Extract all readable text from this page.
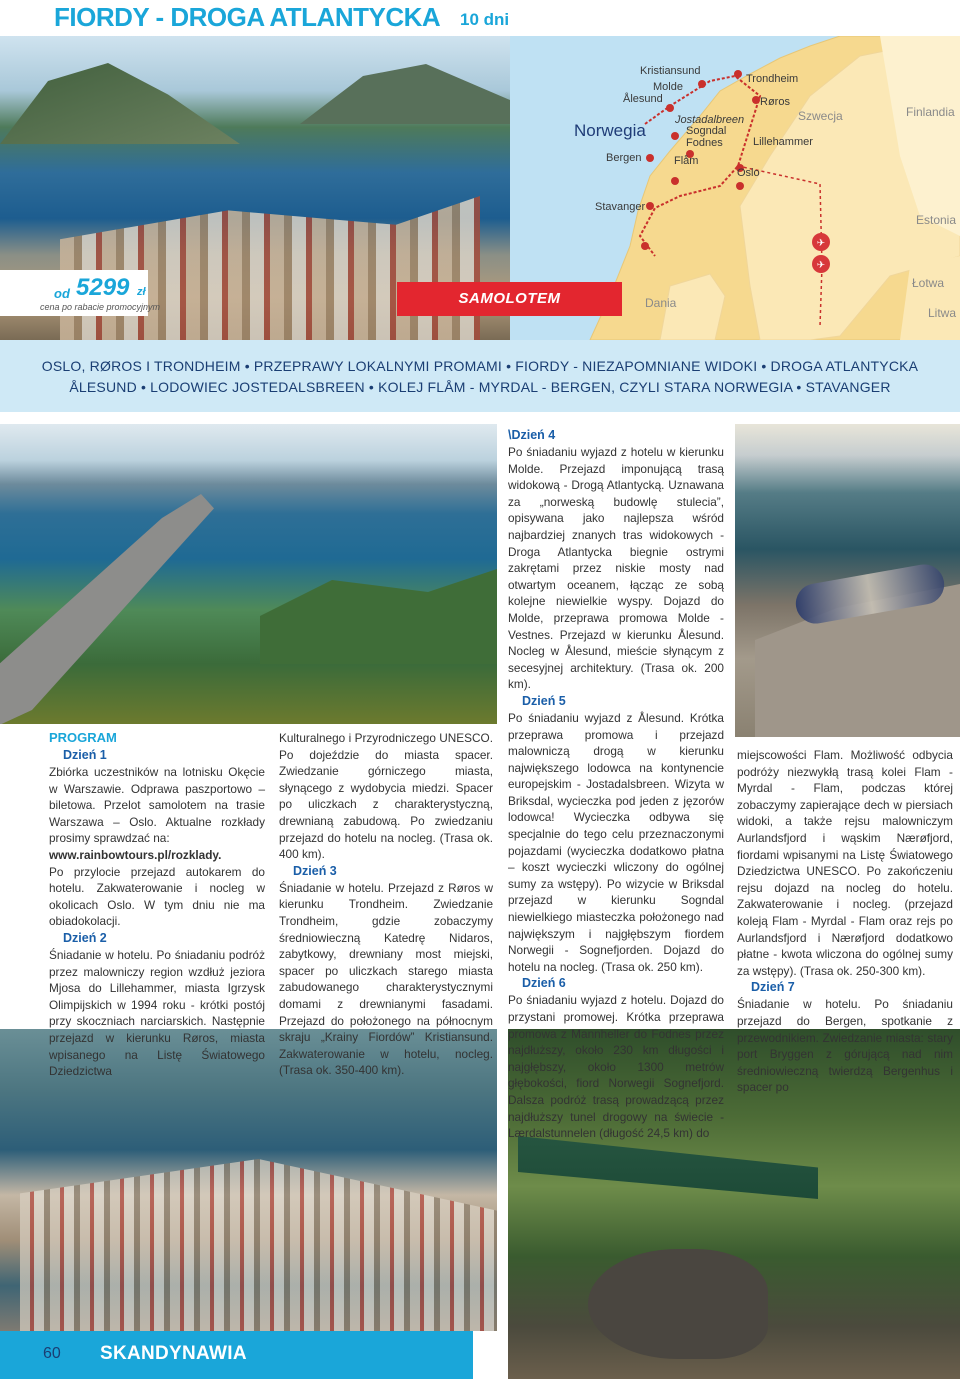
FIORDY - DROGA ATLANTYCKA 10 dni
✈
✈
Kristiansund
Molde
Ålesund
Trondheim
Røros
Jostadalbreen
Sogndal
Fodnes
Bergen	Flåm
Lillehammer
Oslo
Stavanger
Norwegia
Szwecja	Finlandia
Estonia
Łotwa
Litwa
Dania
od 5299 zł
cena po rabacie promocyjnym	SAMOLOTEM
OSLO, RØROS I TRONDHEIM • PRZEPRAWY LOKALNYMI PROMAMI • FIORDY - NIEZAPOMNIANE WIDOKI • DROGA ATLANTYCKA
ÅLESUND • LODOWIEC JOSTEDALSBREEN • KOLEJ FLÅM - MYRDAL - BERGEN, CZYLI STARA NORWEGIA • STAVANGER
PROGRAM
Dzień 1
Zbiórka uczestników na lotnisku Okęcie w Warszawie. Odprawa paszportowo – biletowa. Przelot samolotem na trasie Warszawa – Oslo. Aktualne rozkłady prosimy sprawdzać na:
www.rainbowtours.pl/rozklady.
Po przylocie przejazd autokarem do hotelu. Zakwaterowanie i nocleg w okolicach Oslo. W tym dniu nie ma obiadokolacji.
Dzień 2
Śniadanie w hotelu. Po śniadaniu podróż przez malowniczy region wzdłuż jeziora Mjosa do Lillehammer, miasta Igrzysk Olimpijskich w 1994 roku - krótki postój przy skoczniach narciarskich. Następnie przejazd w kierunku Røros, miasta wpisanego na Listę Światowego Dziedzictwa
Kulturalnego i Przyrodniczego UNESCO. Po dojeździe do miasta spacer. Zwiedzanie górniczego miasta, słynącego z wydobycia miedzi. Spacer po uliczkach z charakterystyczną, drewnianą zabudową. Po zwiedzaniu przejazd do hotelu na nocleg. (Trasa ok. 400 km).
Dzień 3
Śniadanie w hotelu. Przejazd z Røros w kierunku Trondheim. Zwiedzanie Trondheim, gdzie zobaczymy średniowieczną Katedrę Nidaros, zabytkowy, drewniany most miejski, spacer po uliczkach starego miasta zabudowanego charakterystycznymi domami z drewnianymi fasadami. Przejazd do położonego na północnym skraju „Krainy Fiordów” Kristiansund. Zakwaterowanie w hotelu, nocleg. (Trasa ok. 350-400 km).
\Dzień 4
Po śniadaniu wyjazd z hotelu w kierunku Molde. Przejazd imponującą trasą widokową - Drogą Atlantycką. Uznawana za „norweską budowlę stulecia”, opisywana jako najlepsza wśród najbardziej znanych tras widokowych - Droga Atlantycka biegnie ostrymi zakrętami przez niskie mosty nad otwartym oceanem, łącząc ze sobą kolejne niewielkie wyspy. Dojazd do Molde, przeprawa promowa Molde - Vestnes. Przejazd w kierunku Ålesund. Nocleg w Ålesund, mieście słynącym z secesyjnej architektury. (Trasa ok. 200 km).
Dzień 5
Po śniadaniu wyjazd z Ålesund. Krótka przeprawa promowa i przejazd malowniczą drogą w kierunku największego lodowca na kontynencie europejskim - Jostadalsbreen. Wizyta w Briksdal, wycieczka pod jeden z jęzorów lodowca! Wycieczka odbywa się specjalnie do tego celu przeznaczonymi pojazdami (wycieczka dodatkowo płatna – koszt wycieczki wliczony do ogólnej sumy za wstępy). Po wizycie w Briksdal przejazd w kierunku Sogndal niewielkiego miasteczka położonego nad największym i najgłębszym fiordem Norwegii - Sognefjorden. Dojazd do hotelu na nocleg. (Trasa ok. 250 km).
Dzień 6
Po śniadaniu wyjazd z hotelu. Dojazd do przystani promowej. Krótka przeprawa promowa z Mannheller do Fodnes przez najdłuższy, około 230 km długości i najgłębszy, około 1300 metrów głębokości, fiord Norwegii Sognefjord. Dalsza podróż trasą prowadzącą przez najdłuższy tunel drogowy na świecie - Lærdalstunnelen (długość 24,5 km) do
miejscowości Flam. Możliwość odbycia podróży niezwykłą trasą kolei Flam - Myrdal - Flam, podczas której zobaczymy zapierające dech w piersiach widoki, a także rejsu malowniczym Aurlandsfjord i wąskim Nærøfjord, fiordami wpisanymi na Listę Światowego Dziedzictwa UNESCO. Po zakończeniu rejsu dojazd na nocleg do hotelu. Zakwaterowanie i nocleg. (przejazd koleją Flam - Myrdal - Flam oraz rejs po Aurlandsfjord i Nærøfjord dodatkowo płatne - kwota wliczona do ogólnej sumy za wstępy). (Trasa ok. 250-300 km).
Dzień 7
Śniadanie w hotelu. Po śniadaniu przejazd do Bergen, spotkanie z przewodnikiem. Zwiedzanie miasta: stary port Bryggen z górującą nad nim średniowieczną twierdzą Bergenhus i spacer po
60 SKANDYNAWIA
